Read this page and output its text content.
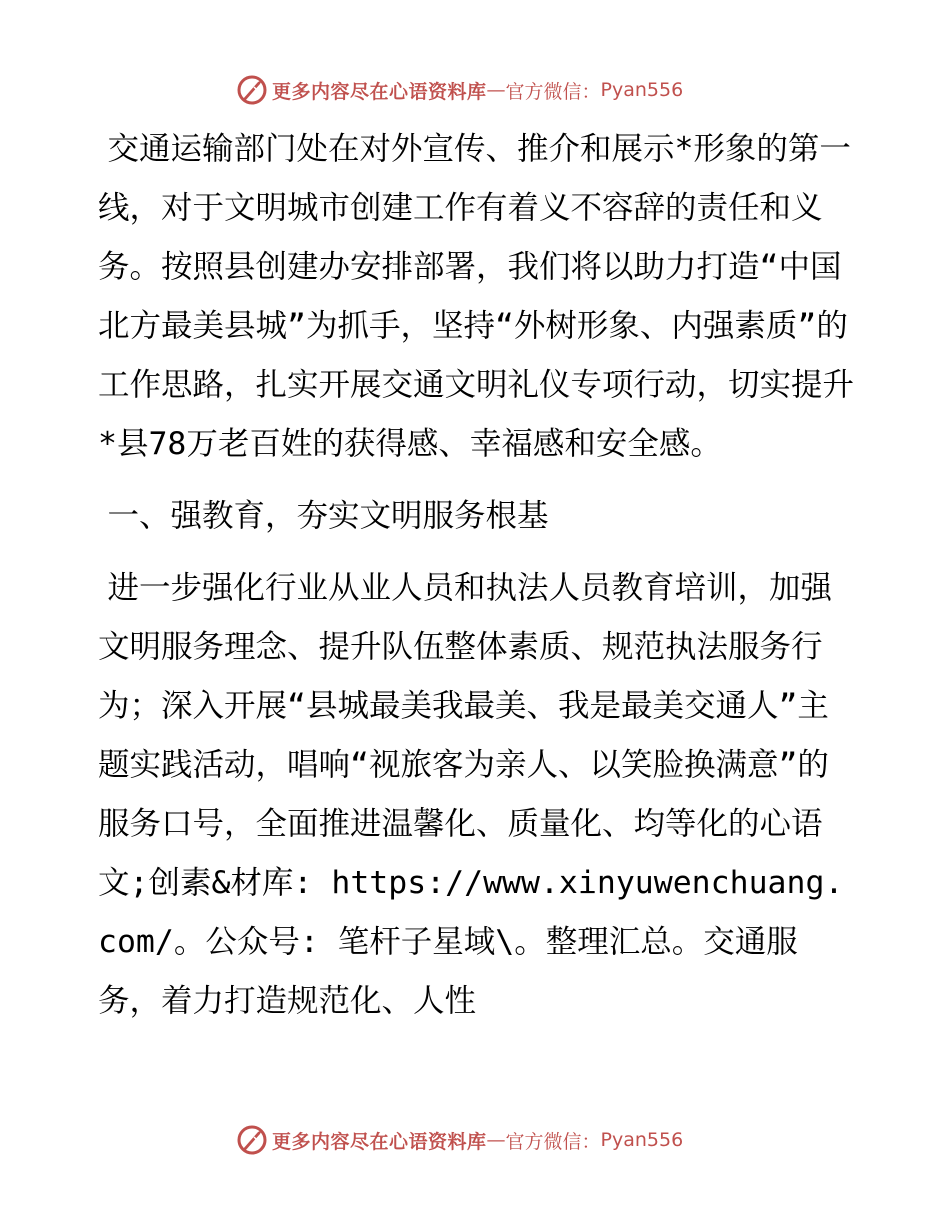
更多内容尽在心语资料库 — 官方微信： Pyan556

交通运输部门处在对外宣传、推介和展示*形象的第一线，对于文明城市创建工作有着义不容辞的责任和义务。按照县创建办安排部署，我们将以助力打造“中国北方最美县城”为抓手，坚持“外树形象、内强素质”的工作思路，扎实开展交通文明礼仪专项行动，切实提升*县78万老百姓的获得感、幸福感和安全感。

一、强教育，夯实文明服务根基

进一步强化行业从业人员和执法人员教育培训，加强文明服务理念、提升队伍整体素质、规范执法服务行为；深入开展“县城最美我最美、我是最美交通人”主题实践活动，唱响“视旅客为亲人、以笑脸换满意”的服务口号，全面推进温馨化、质量化、均等化的心语文;创素&材库: https://www.xinyuwenchuang.com/。公众号: 笔杆子星域\。整理汇总。交通服务，着力打造规范化、人性

更多内容尽在心语资料库 — 官方微信： Pyan556
